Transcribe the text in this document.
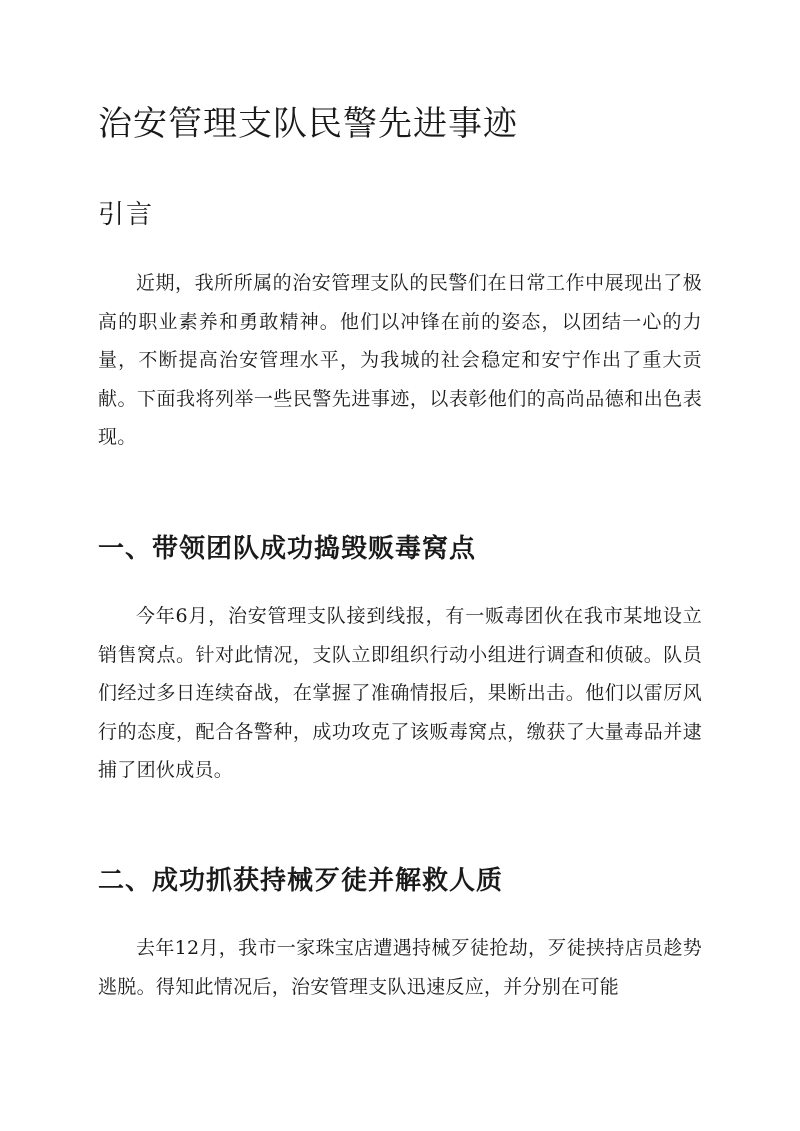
治安管理支队民警先进事迹
引言

近期，我所所属的治安管理支队的民警们在日常工作中展现出了极高的职业素养和勇敢精神。他们以冲锋在前的姿态，以团结一心的力量，不断提高治安管理水平，为我城的社会稳定和安宁作出了重大贡献。下面我将列举一些民警先进事迹，以表彰他们的高尚品德和出色表现。

一、带领团队成功捣毁贩毒窝点

今年6月，治安管理支队接到线报，有一贩毒团伙在我市某地设立销售窝点。针对此情况，支队立即组织行动小组进行调查和侦破。队员们经过多日连续奋战，在掌握了准确情报后，果断出击。他们以雷厉风行的态度，配合各警种，成功攻克了该贩毒窝点，缴获了大量毒品并逮捕了团伙成员。

二、成功抓获持械歹徒并解救人质

去年12月，我市一家珠宝店遭遇持械歹徒抢劫，歹徒挟持店员趁势逃脱。得知此情况后，治安管理支队迅速反应，并分别在可能
